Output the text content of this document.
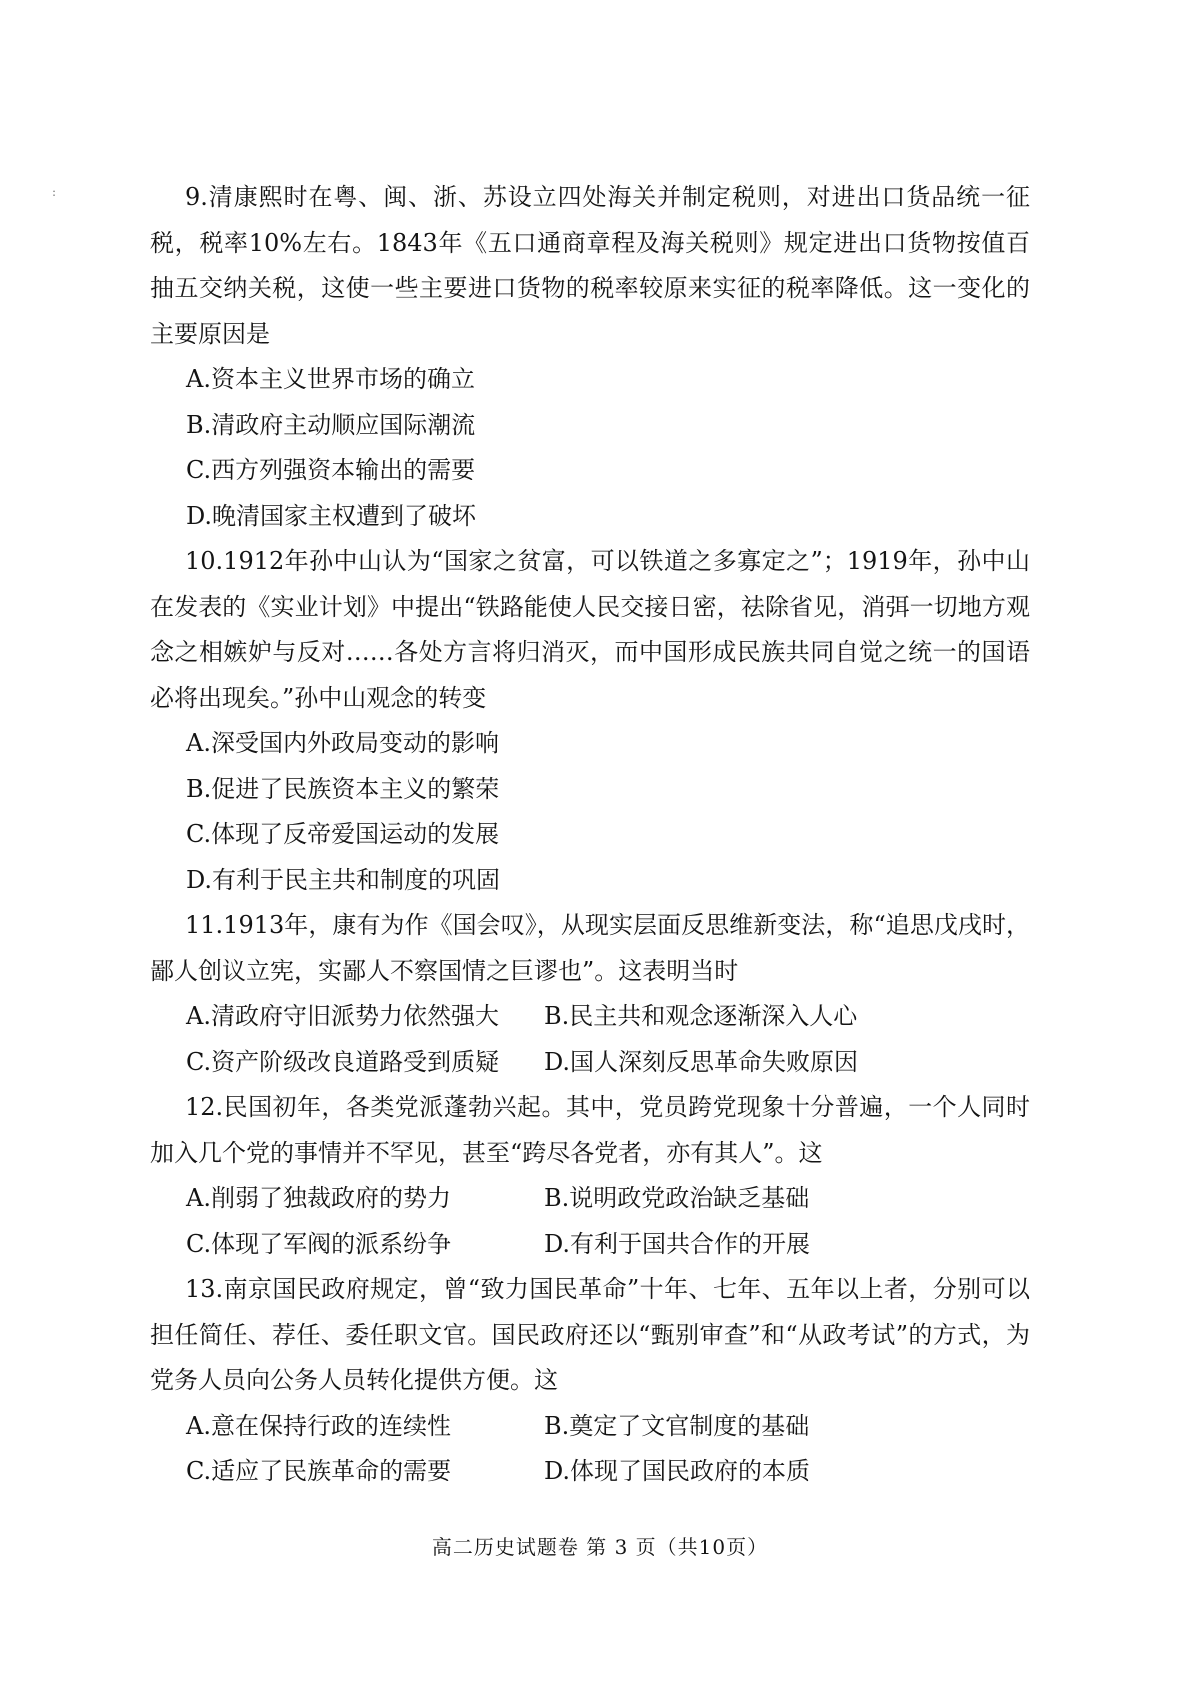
:	9.清康熙时在粤、闽、浙、苏设立四处海关并制定税则，对进出口货品统一征税，税率10%左右。1843年《五口通商章程及海关税则》规定进出口货物按值百抽五交纳关税，这使一些主要进口货物的税率较原来实征的税率降低。这一变化的主要原因是

A.资本主义世界市场的确立
B.清政府主动顺应国际潮流
C.西方列强资本输出的需要
D.晚清国家主权遭到了破坏

10.1912年孙中山认为“国家之贫富，可以铁道之多寡定之”；1919年，孙中山在发表的《实业计划》中提出“铁路能使人民交接日密，祛除省见，消弭一切地方观念之相嫉妒与反对……各处方言将归消灭，而中国形成民族共同自觉之统一的国语必将出现矣。”孙中山观念的转变

A.深受国内外政局变动的影响
B.促进了民族资本主义的繁荣
C.体现了反帝爱国运动的发展
D.有利于民主共和制度的巩固

11.1913年，康有为作《国会叹》，从现实层面反思维新变法，称“追思戊戌时，鄙人创议立宪，实鄙人不察国情之巨谬也”。这表明当时

A.清政府守旧派势力依然强大	B.民主共和观念逐渐深入人心
C.资产阶级改良道路受到质疑	D.国人深刻反思革命失败原因

12.民国初年，各类党派蓬勃兴起。其中，党员跨党现象十分普遍，一个人同时加入几个党的事情并不罕见，甚至“跨尽各党者，亦有其人”。这

A.削弱了独裁政府的势力	B.说明政党政治缺乏基础
C.体现了军阀的派系纷争	D.有利于国共合作的开展

13.南京国民政府规定，曾“致力国民革命”十年、七年、五年以上者，分别可以担任简任、荐任、委任职文官。国民政府还以“甄别审查”和“从政考试”的方式，为党务人员向公务人员转化提供方便。这

A.意在保持行政的连续性	B.奠定了文官制度的基础
C.适应了民族革命的需要	D.体现了国民政府的本质
高二历史试题卷 第 3 页（共10页）
